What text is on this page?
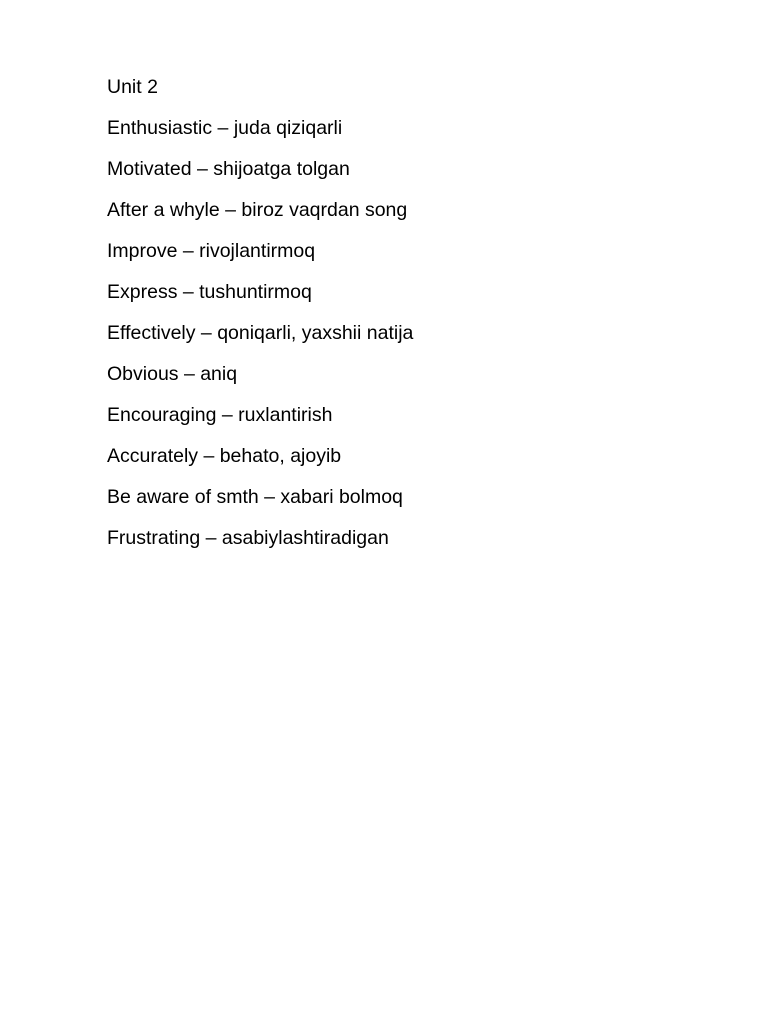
Unit 2
Enthusiastic – juda qiziqarli
Motivated – shijoatga tolgan
After a whyle – biroz vaqrdan song
Improve – rivojlantirmoq
Express – tushuntirmoq
Effectively – qoniqarli, yaxshii natija
Obvious – aniq
Encouraging – ruxlantirish
Accurately – behato, ajoyib
Be aware of smth – xabari bolmoq
Frustrating – asabiylashtiradigan
